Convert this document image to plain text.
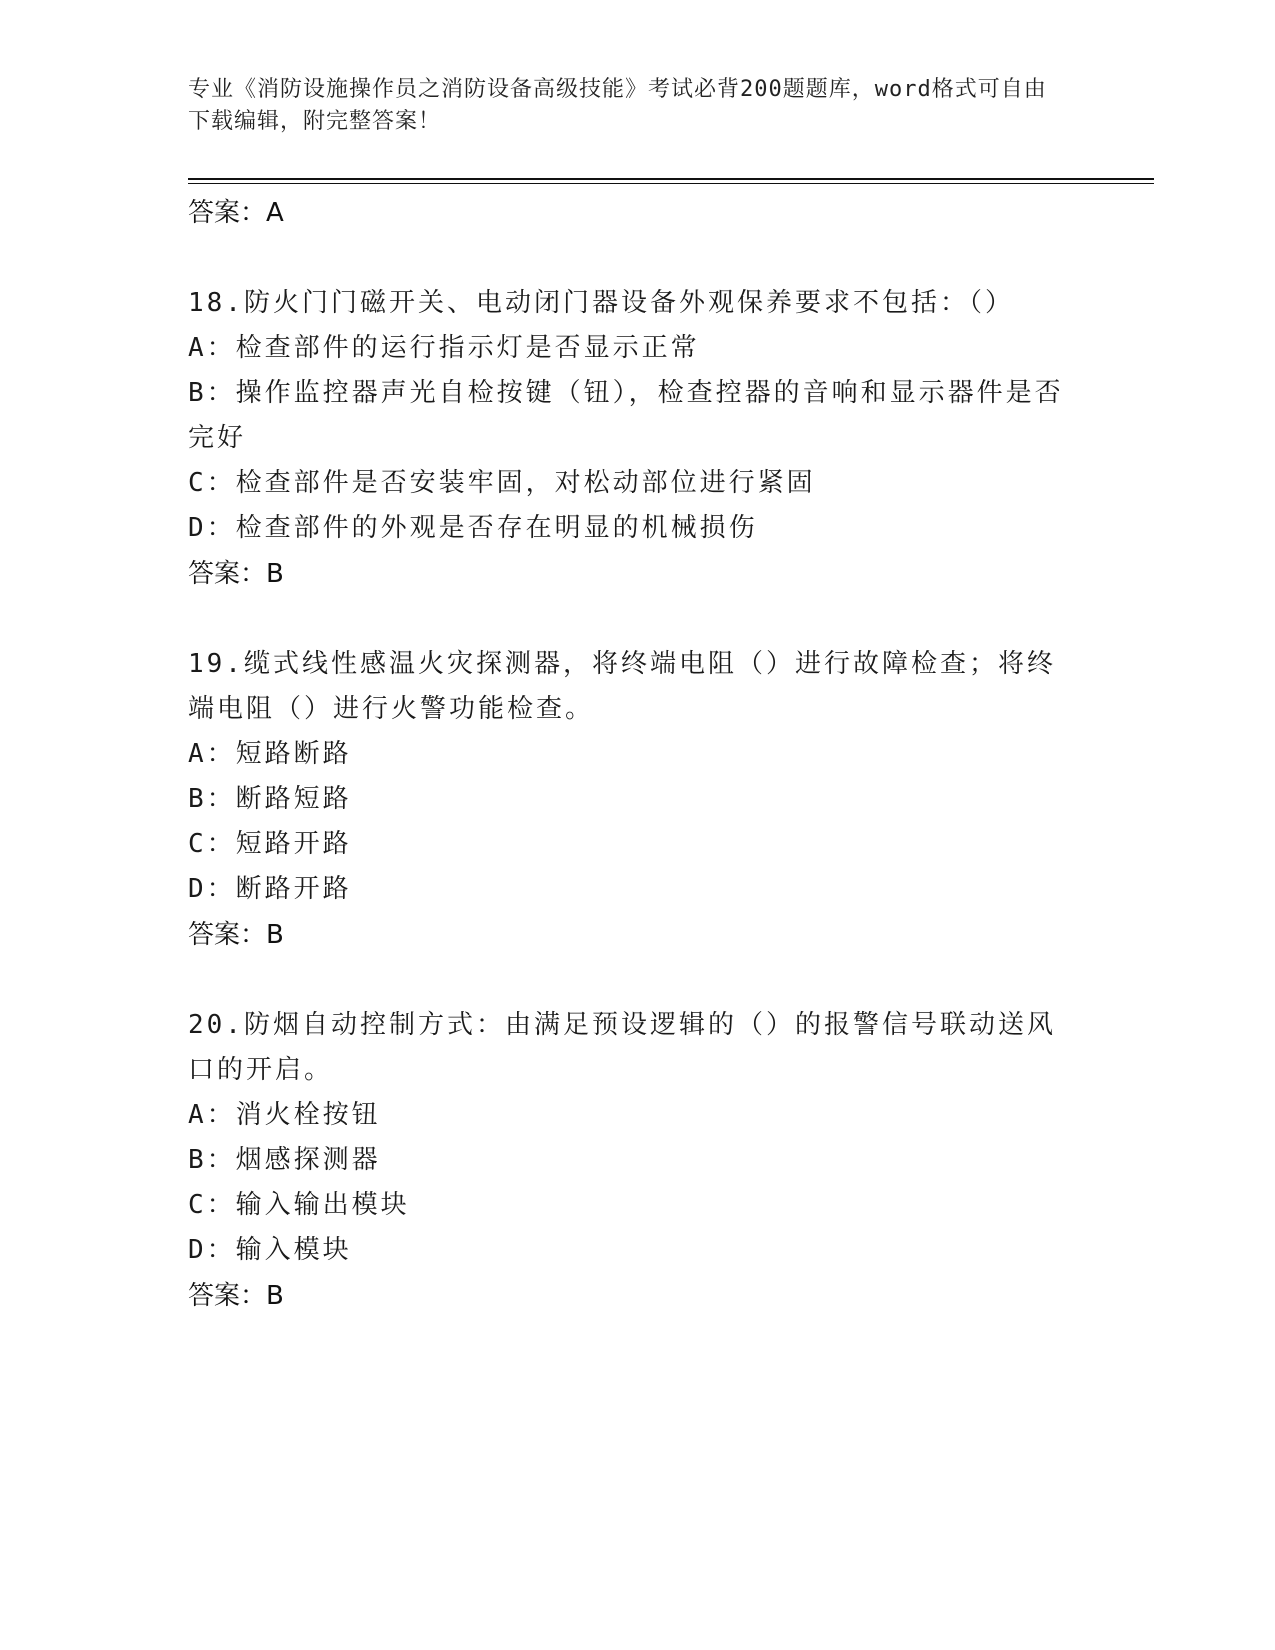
专业《消防设施操作员之消防设备高级技能》考试必背200题题库，word格式可自由下载编辑，附完整答案！
答案：A
18.防火门门磁开关、电动闭门器设备外观保养要求不包括：（）
A：检查部件的运行指示灯是否显示正常
B：操作监控器声光自检按键（钮），检查控器的音响和显示器件是否完好
C：检查部件是否安装牢固，对松动部位进行紧固
D：检查部件的外观是否存在明显的机械损伤
答案：B
19.缆式线性感温火灾探测器，将终端电阻（）进行故障检查；将终端电阻（）进行火警功能检查。
A：短路断路
B：断路短路
C：短路开路
D：断路开路
答案：B
20.防烟自动控制方式：由满足预设逻辑的（）的报警信号联动送风口的开启。
A：消火栓按钮
B：烟感探测器
C：输入输出模块
D：输入模块
答案：B
